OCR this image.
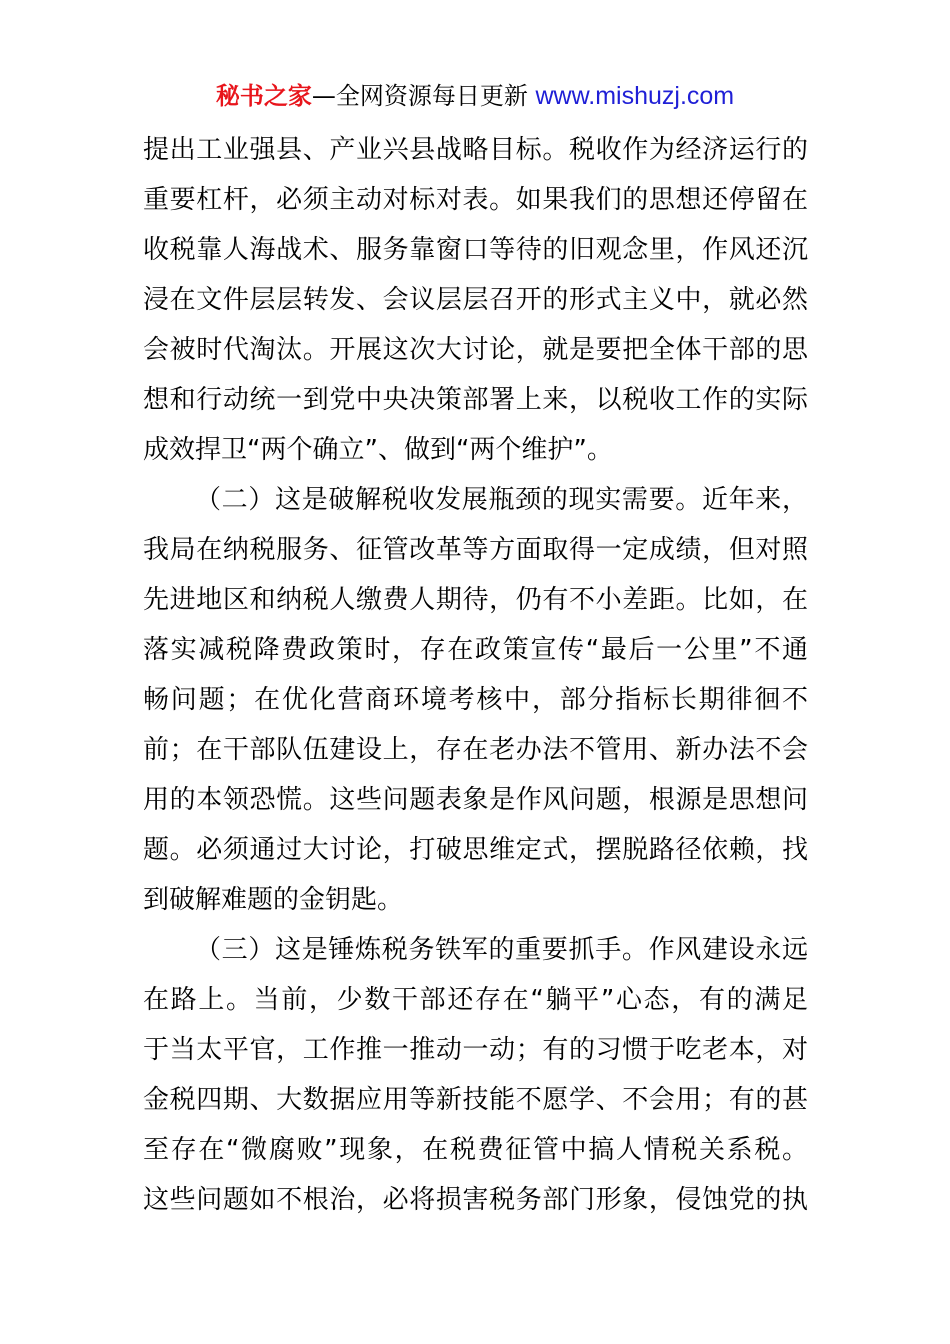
秘书之家—全网资源每日更新 www.mishuzj.com
提出工业强县、产业兴县战略目标。税收作为经济运行的
重要杠杆，必须主动对标对表。如果我们的思想还停留在
收税靠人海战术、服务靠窗口等待的旧观念里，作风还沉
浸在文件层层转发、会议层层召开的形式主义中，就必然
会被时代淘汰。开展这次大讨论，就是要把全体干部的思
想和行动统一到党中央决策部署上来，以税收工作的实际
成效捍卫“两个确立”、做到“两个维护”。
（二）这是破解税收发展瓶颈的现实需要。近年来，
我局在纳税服务、征管改革等方面取得一定成绩，但对照
先进地区和纳税人缴费人期待，仍有不小差距。比如，在
落实减税降费政策时，存在政策宣传“最后一公里”不通
畅问题；在优化营商环境考核中，部分指标长期徘徊不
前；在干部队伍建设上，存在老办法不管用、新办法不会
用的本领恐慌。这些问题表象是作风问题，根源是思想问
题。必须通过大讨论，打破思维定式，摆脱路径依赖，找
到破解难题的金钥匙。
（三）这是锤炼税务铁军的重要抓手。作风建设永远
在路上。当前，少数干部还存在“躺平”心态，有的满足
于当太平官，工作推一推动一动；有的习惯于吃老本，对
金税四期、大数据应用等新技能不愿学、不会用；有的甚
至存在“微腐败”现象，在税费征管中搞人情税关系税。
这些问题如不根治，必将损害税务部门形象，侵蚀党的执
